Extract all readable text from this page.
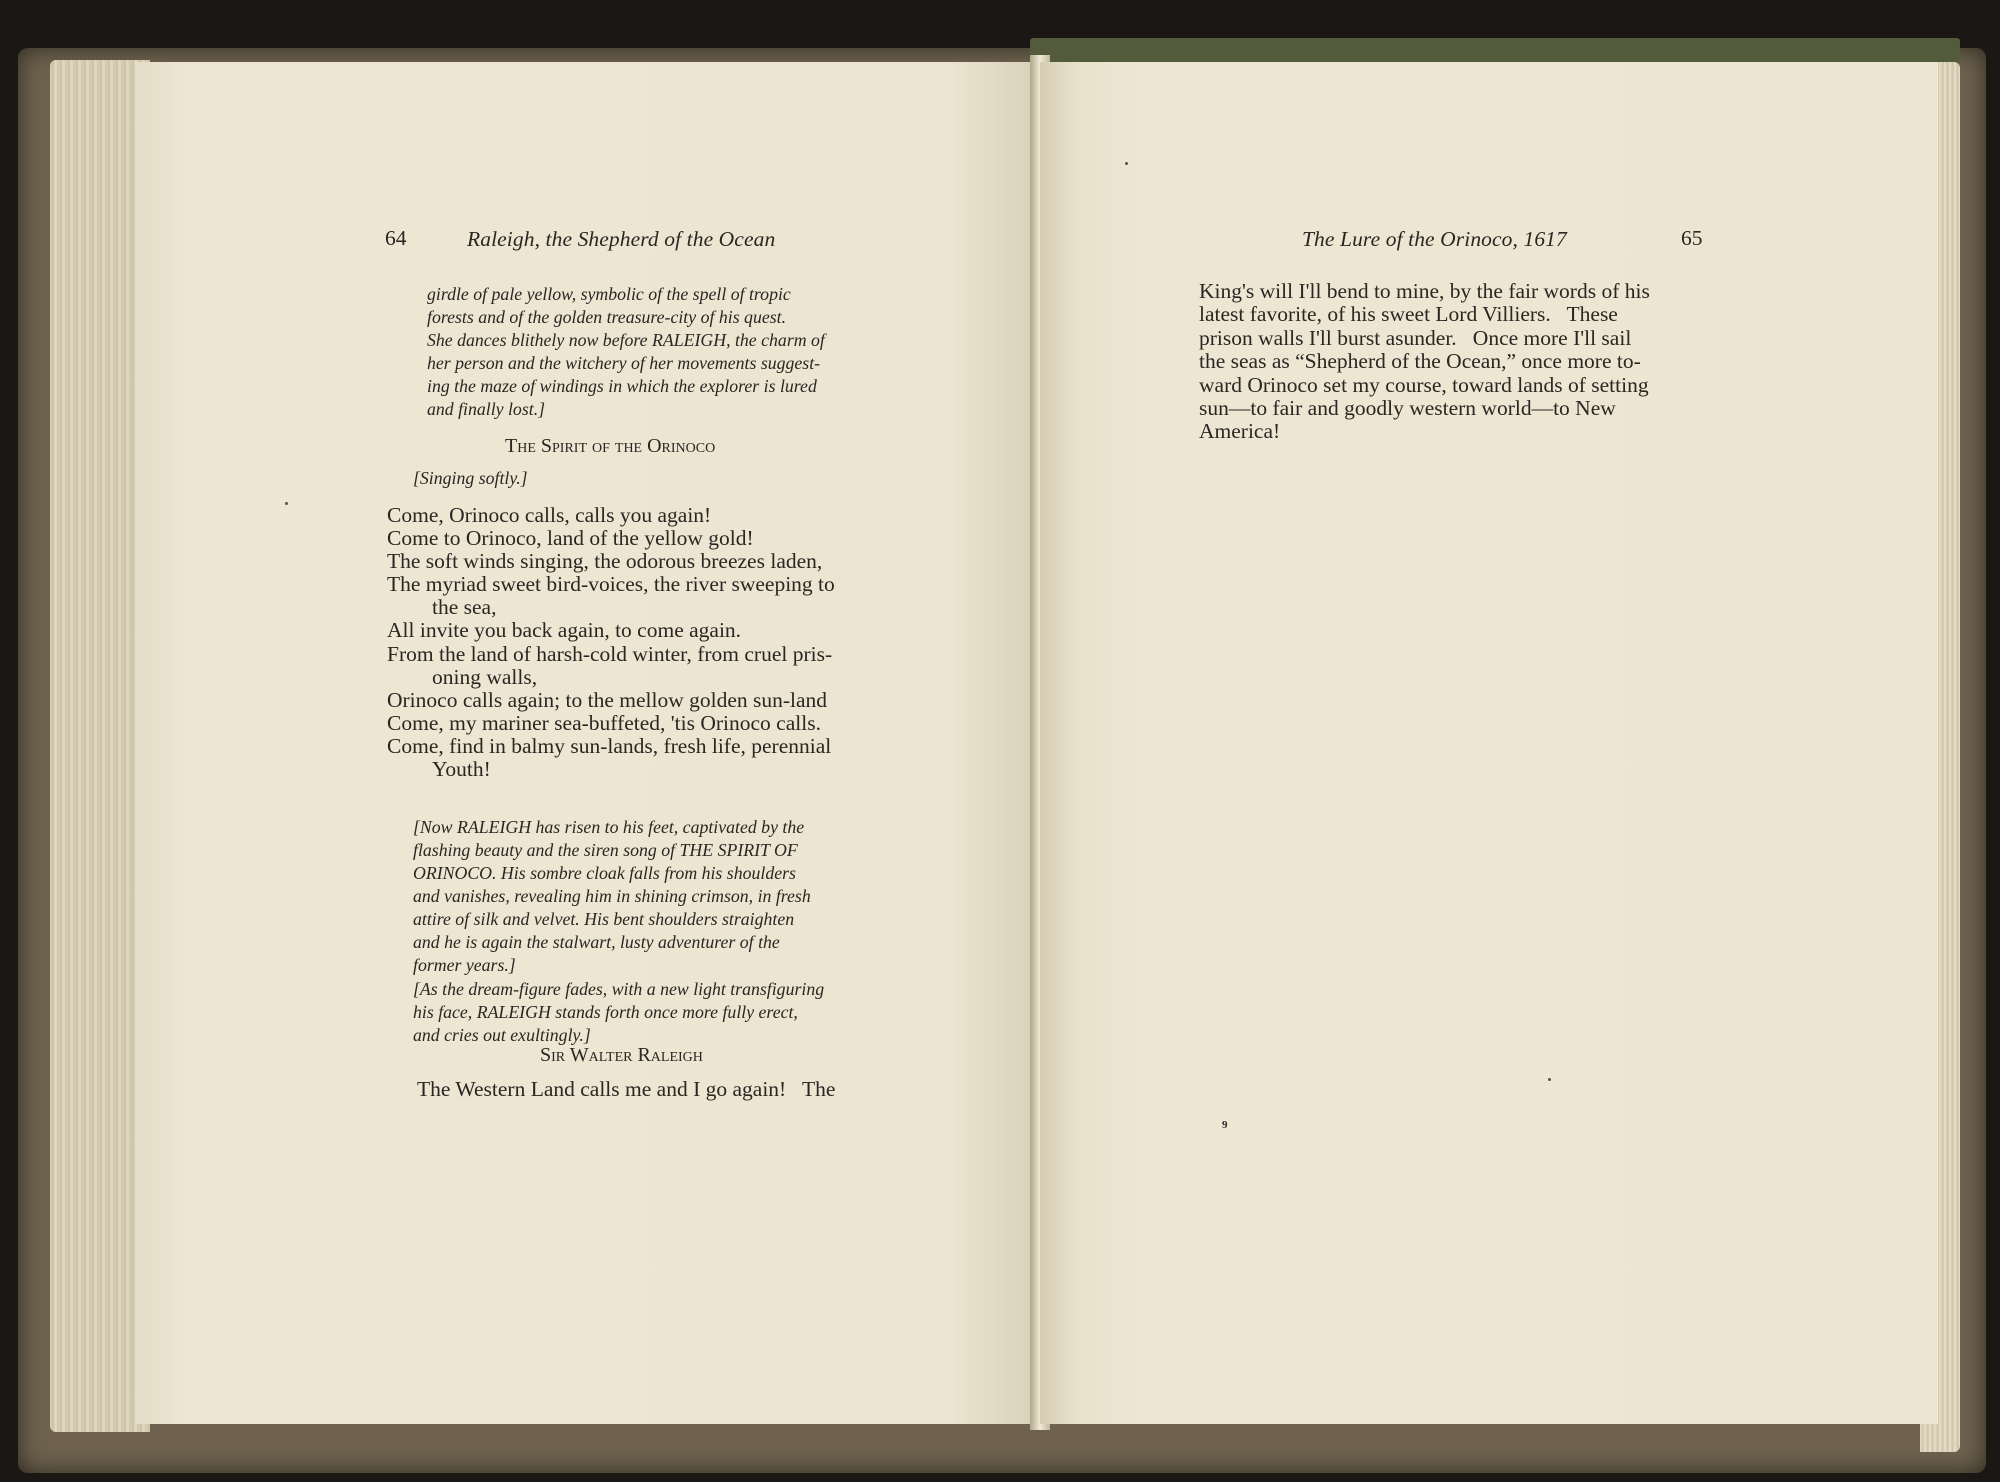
64	Raleigh, the Shepherd of the Ocean
girdle of pale yellow, symbolic of the spell of tropic
forests and of the golden treasure-city of his quest.
She dances blithely now before RALEIGH, the charm of
her person and the witchery of her movements suggest-
ing the maze of windings in which the explorer is lured
and finally lost.]
The Spirit of the Orinoco
[Singing softly.]
Come, Orinoco calls, calls you again!
Come to Orinoco, land of the yellow gold!
The soft winds singing, the odorous breezes laden,
The myriad sweet bird-voices, the river sweeping to
the sea,
All invite you back again, to come again.
From the land of harsh-cold winter, from cruel pris-
oning walls,
Orinoco calls again; to the mellow golden sun-land
Come, my mariner sea-buffeted, 'tis Orinoco calls.
Come, find in balmy sun-lands, fresh life, perennial
Youth!
[Now RALEIGH has risen to his feet, captivated by the
flashing beauty and the siren song of THE SPIRIT OF
ORINOCO. His sombre cloak falls from his shoulders
and vanishes, revealing him in shining crimson, in fresh
attire of silk and velvet. His bent shoulders straighten
and he is again the stalwart, lusty adventurer of the
former years.]
[As the dream-figure fades, with a new light transfiguring
his face, RALEIGH stands forth once more fully erect,
and cries out exultingly.]
Sir Walter Raleigh
The Western Land calls me and I go again!   The
The Lure of the Orinoco, 1617	65
King's will I'll bend to mine, by the fair words of his
latest favorite, of his sweet Lord Villiers.   These
prison walls I'll burst asunder.   Once more I'll sail
the seas as “Shepherd of the Ocean,” once more to-
ward Orinoco set my course, toward lands of setting
sun—to fair and goodly western world—to New
America!
9
